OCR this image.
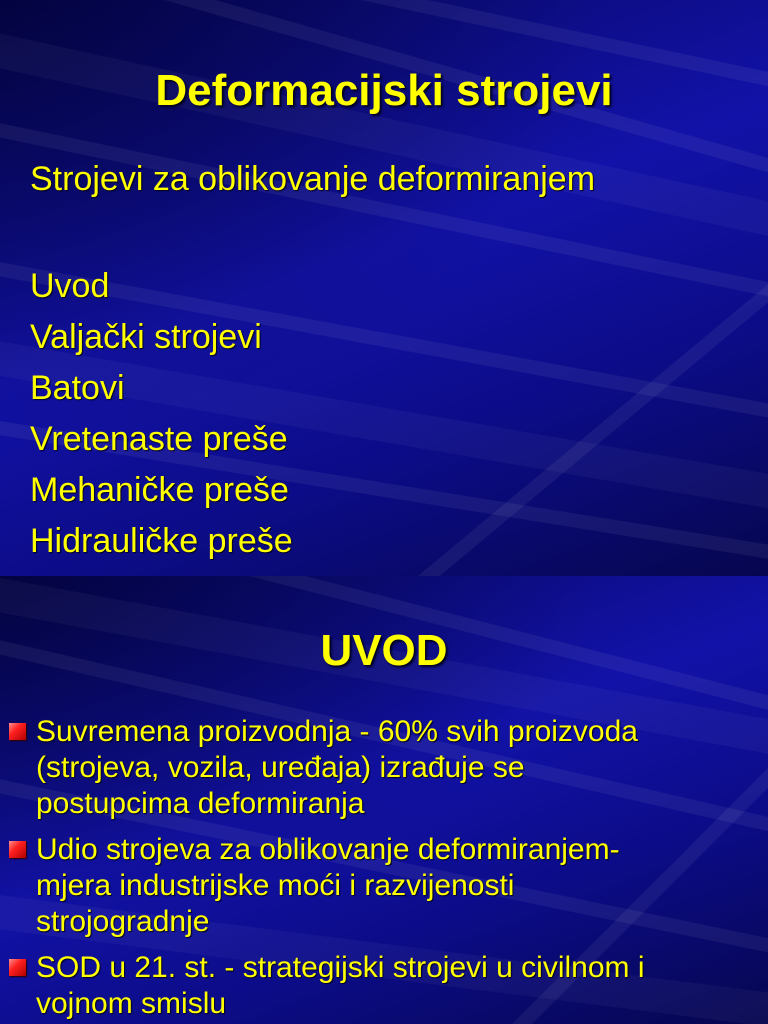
Deformacijski strojevi
Strojevi za oblikovanje deformiranjem
Uvod
Valjački strojevi
Batovi
Vretenaste preše
Mehaničke preše
Hidrauličke preše
UVOD
Suvremena proizvodnja - 60% svih proizvoda
(strojeva, vozila, uređaja) izrađuje se
postupcima deformiranja
Udio strojeva za oblikovanje deformiranjem-
mjera industrijske moći i razvijenosti
strojogradnje
SOD u 21. st. - strategijski strojevi u civilnom i
vojnom smislu
